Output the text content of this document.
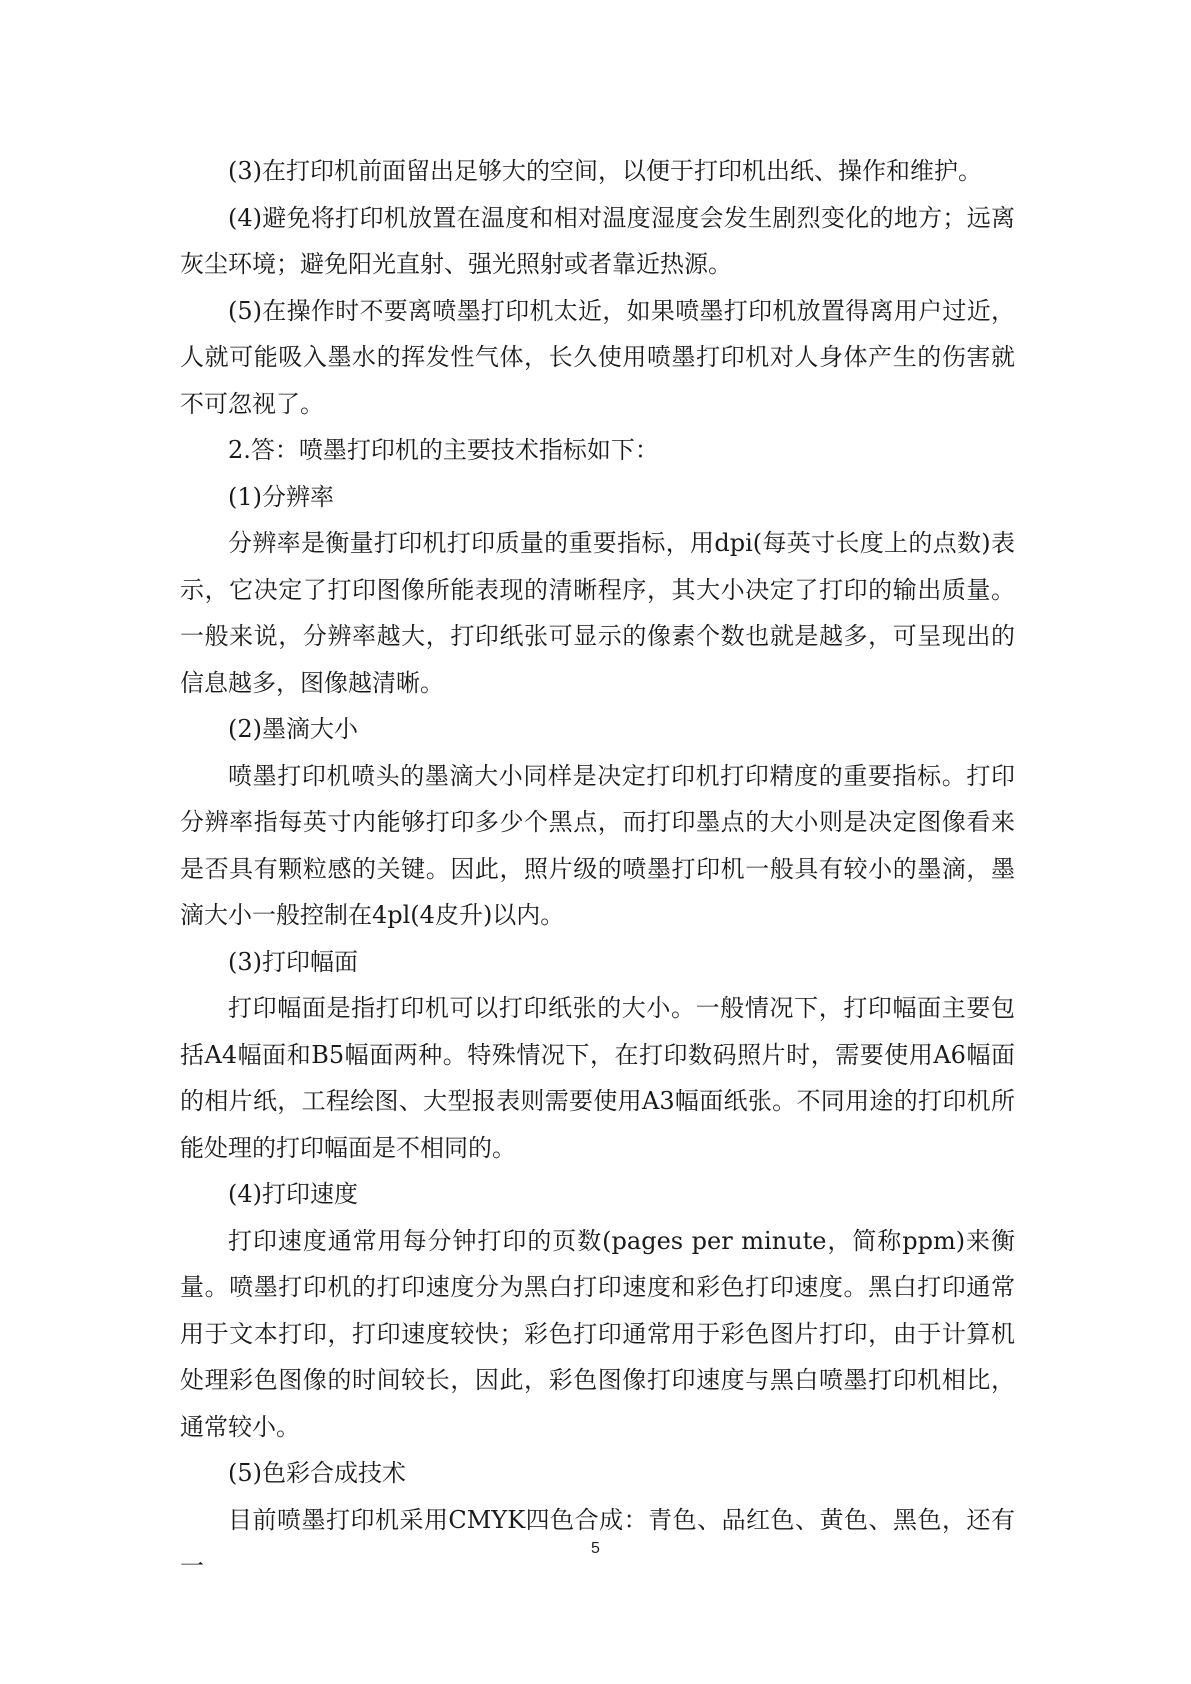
(3)在打印机前面留出足够大的空间，以便于打印机出纸、操作和维护。

(4)避免将打印机放置在温度和相对温度湿度会发生剧烈变化的地方；远离灰尘环境；避免阳光直射、强光照射或者靠近热源。

(5)在操作时不要离喷墨打印机太近，如果喷墨打印机放置得离用户过近，人就可能吸入墨水的挥发性气体，长久使用喷墨打印机对人身体产生的伤害就不可忽视了。

2.答：喷墨打印机的主要技术指标如下：

(1)分辨率

分辨率是衡量打印机打印质量的重要指标，用dpi(每英寸长度上的点数)表示，它决定了打印图像所能表现的清晰程序，其大小决定了打印的输出质量。一般来说，分辨率越大，打印纸张可显示的像素个数也就是越多，可呈现出的信息越多，图像越清晰。

(2)墨滴大小

喷墨打印机喷头的墨滴大小同样是决定打印机打印精度的重要指标。打印分辨率指每英寸内能够打印多少个黑点，而打印墨点的大小则是决定图像看来是否具有颗粒感的关键。因此，照片级的喷墨打印机一般具有较小的墨滴，墨滴大小一般控制在4pl(4皮升)以内。

(3)打印幅面

打印幅面是指打印机可以打印纸张的大小。一般情况下，打印幅面主要包括A4幅面和B5幅面两种。特殊情况下，在打印数码照片时，需要使用A6幅面的相片纸，工程绘图、大型报表则需要使用A3幅面纸张。不同用途的打印机所能处理的打印幅面是不相同的。

(4)打印速度

打印速度通常用每分钟打印的页数(pages per minute，简称ppm)来衡量。喷墨打印机的打印速度分为黑白打印速度和彩色打印速度。黑白打印通常用于文本打印，打印速度较快；彩色打印通常用于彩色图片打印，由于计算机处理彩色图像的时间较长，因此，彩色图像打印速度与黑白喷墨打印机相比，通常较小。

(5)色彩合成技术

目前喷墨打印机采用CMYK四色合成：青色、品红色、黄色、黑色，还有一

5
